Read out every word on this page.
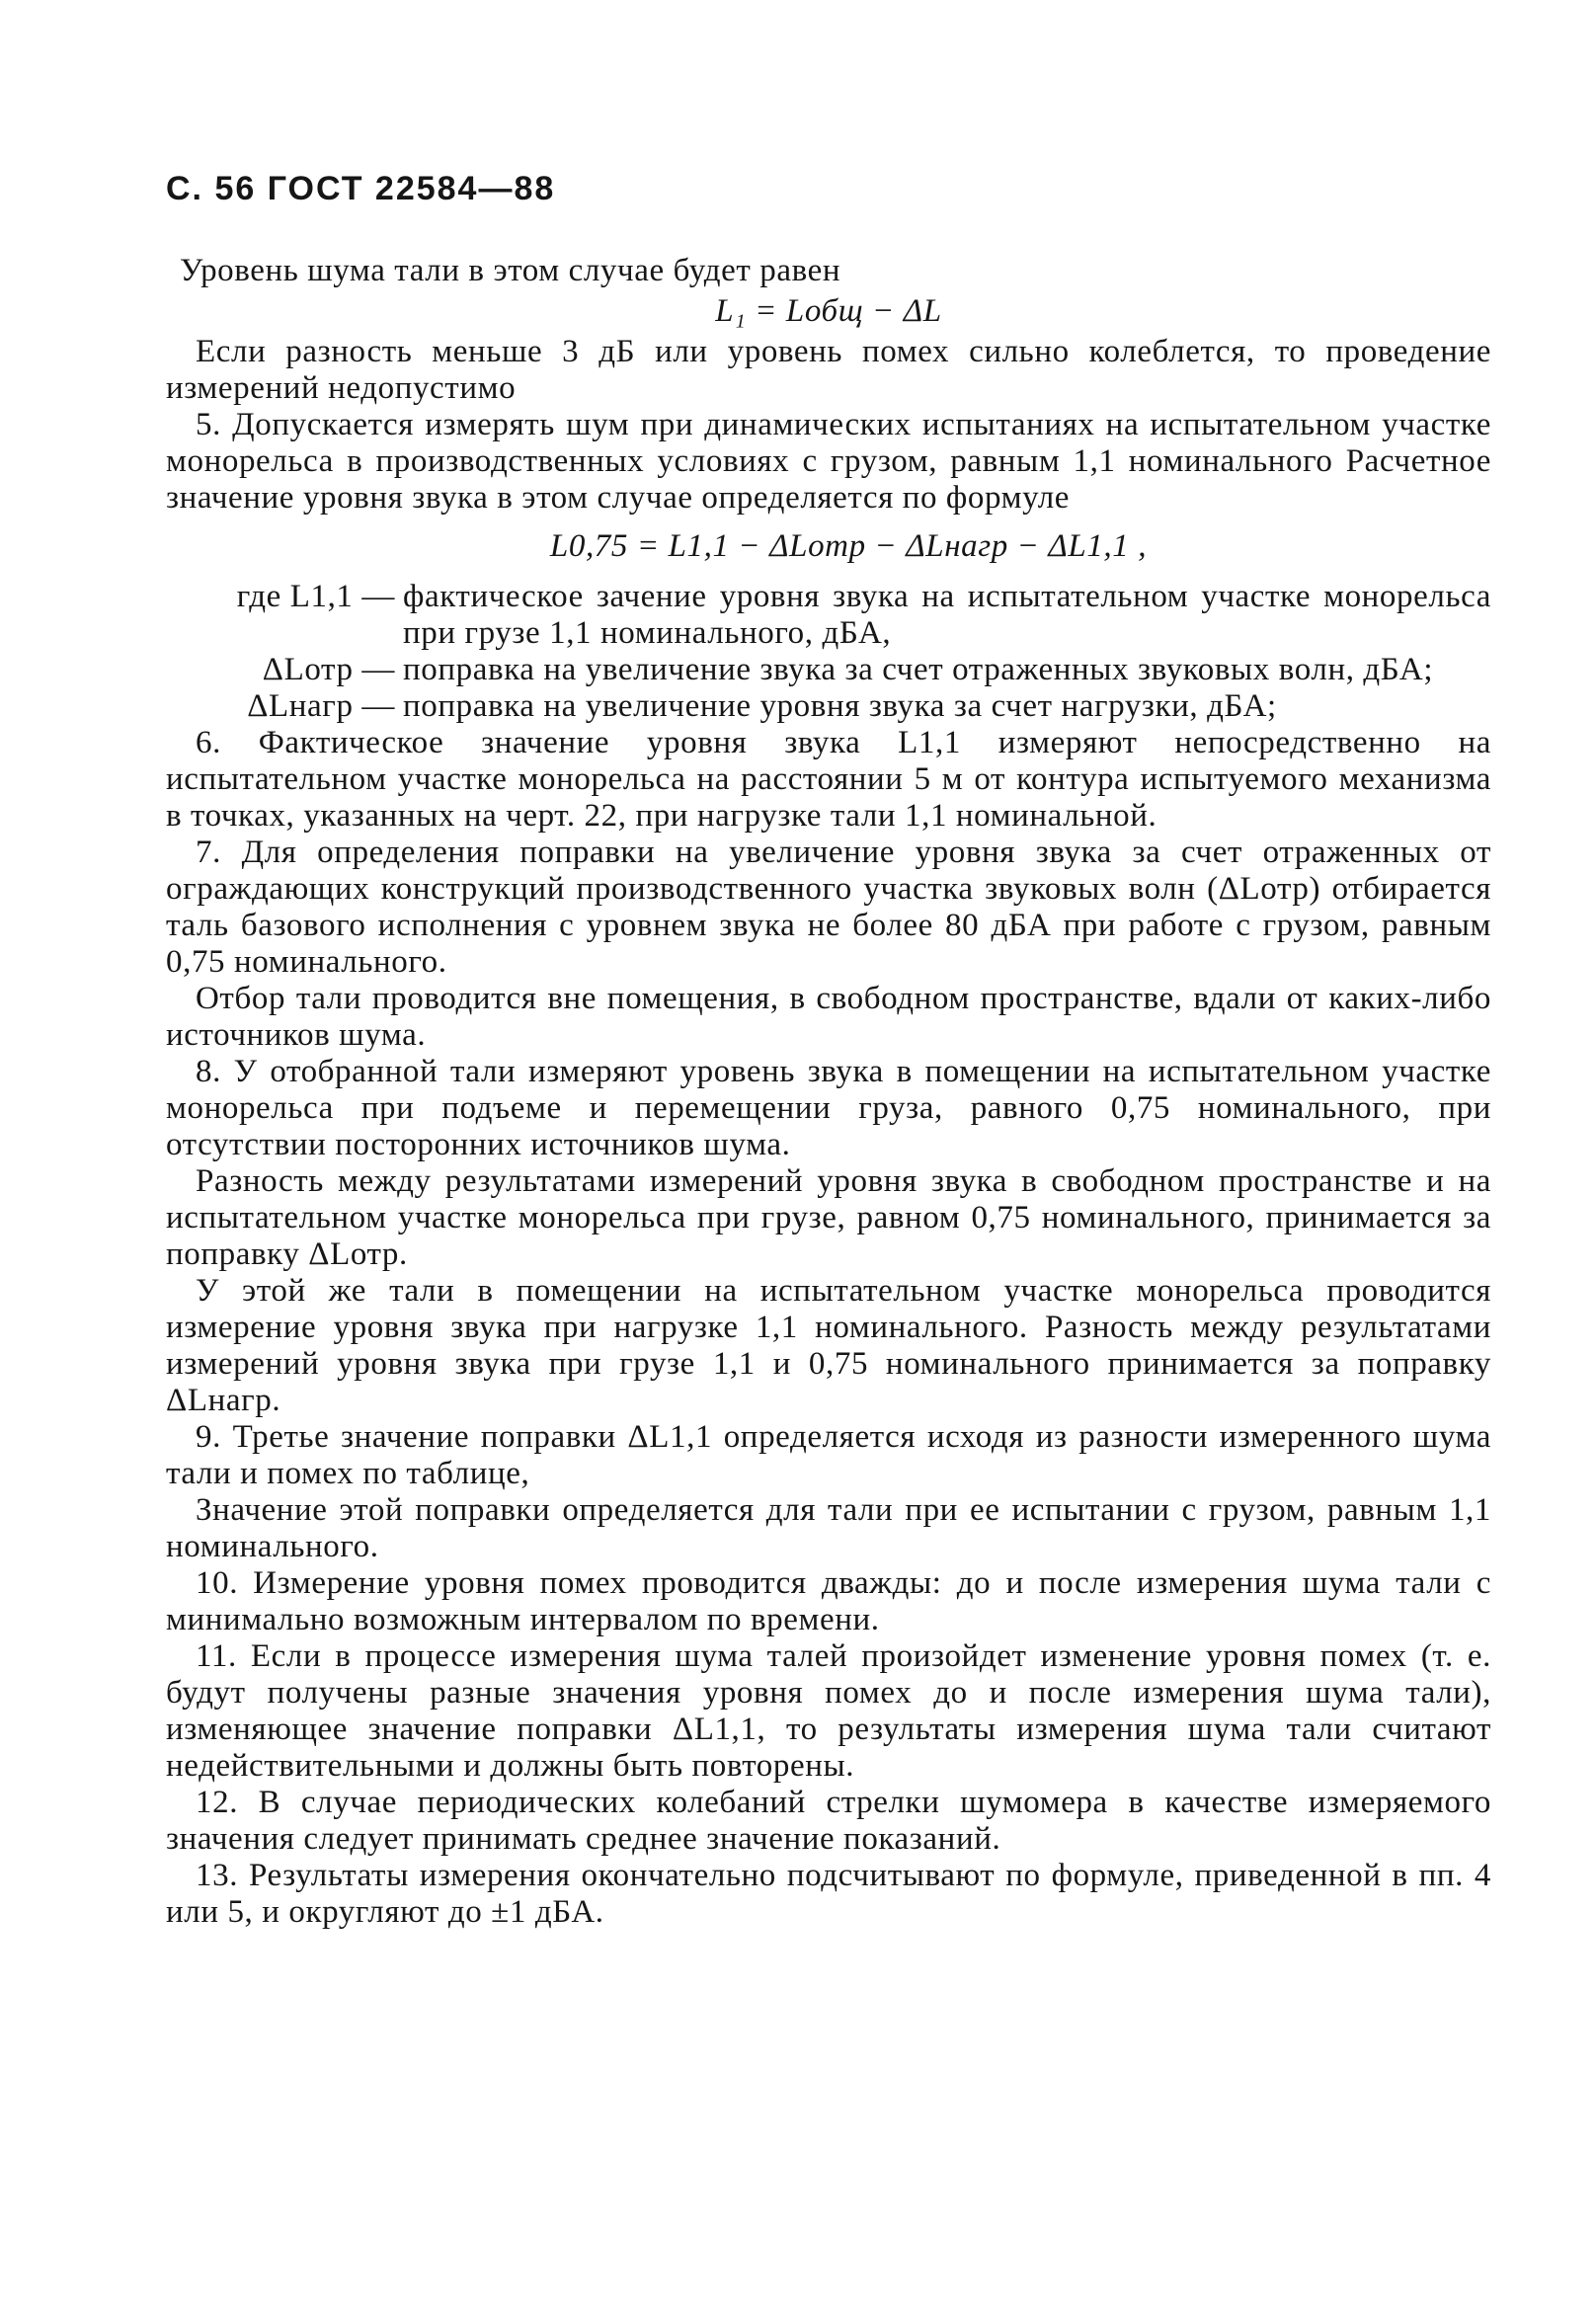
С. 56 ГОСТ 22584—88

Уровень шума тали в этом случае будет равен

L₁ = Lобщ − ΔL

Если разность меньше 3 дБ или уровень помех сильно колеблется, то проведение измерений недопустимо

5. Допускается измерять шум при динамических испытаниях на испытательном участке монорельса в производственных условиях с грузом, равным 1,1 номинального Расчетное значение уровня звука в этом случае определяется по формуле

L0,75 = L1,1 − ΔLотр − ΔLнагр − ΔL1,1 ,

где L1,1 — фактическое зачение уровня звука на испытательном участке монорельса при грузе 1,1 номинального, дБА,
ΔLотр — поправка на увеличение звука за счет отраженных звуковых волн, дБА;
ΔLнагр — поправка на увеличение уровня звука за счет нагрузки, дБА;

6. Фактическое значение уровня звука L1,1 измеряют непосредственно на испытательном участке монорельса на расстоянии 5 м от контура испытуемого механизма в точках, указанных на черт. 22, при нагрузке тали 1,1 номинальной.

7. Для определения поправки на увеличение уровня звука за счет отраженных от ограждающих конструкций производственного участка звуковых волн (ΔLотр) отбирается таль базового исполнения с уровнем звука не более 80 дБА при работе с грузом, равным 0,75 номинального.

Отбор тали проводится вне помещения, в свободном пространстве, вдали от каких-либо источников шума.

8. У отобранной тали измеряют уровень звука в помещении на испытательном участке монорельса при подъеме и перемещении груза, равного 0,75 номинального, при отсутствии посторонних источников шума.

Разность между результатами измерений уровня звука в свободном пространстве и на испытательном участке монорельса при грузе, равном 0,75 номинального, принимается за поправку ΔLотр.

У этой же тали в помещении на испытательном участке монорельса проводится измерение уровня звука при нагрузке 1,1 номинального. Разность между результатами измерений уровня звука при грузе 1,1 и 0,75 номинального принимается за поправку ΔLнагр.

9. Третье значение поправки ΔL1,1 определяется исходя из разности измеренного шума тали и помех по таблице,

Значение этой поправки определяется для тали при ее испытании с грузом, равным 1,1 номинального.

10. Измерение уровня помех проводится дважды: до и после измерения шума тали с минимально возможным интервалом по времени.

11. Если в процессе измерения шума талей произойдет изменение уровня помех (т. е. будут получены разные значения уровня помех до и после измерения шума тали), изменяющее значение поправки ΔL1,1, то результаты измерения шума тали считают недействительными и должны быть повторены.

12. В случае периодических колебаний стрелки шумомера в качестве измеряемого значения следует принимать среднее значение показаний.

13. Результаты измерения окончательно подсчитывают по формуле, приведенной в пп. 4 или 5, и округляют до ±1 дБА.
